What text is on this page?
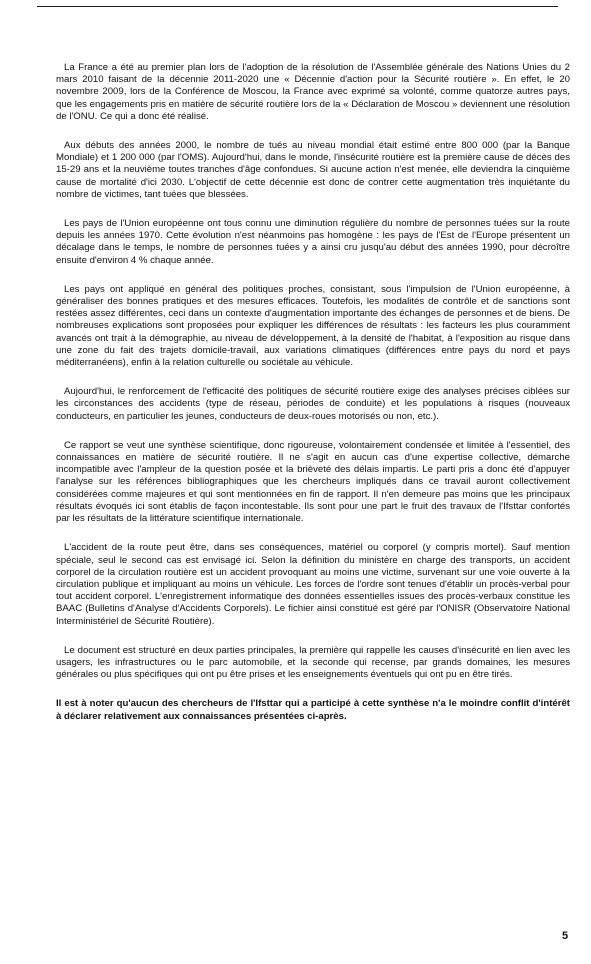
La France a été au premier plan lors de l'adoption de la résolution de l'Assemblée générale des Nations Unies du 2 mars 2010 faisant de la décennie 2011-2020 une « Décennie d'action pour la Sécurité routière ». En effet, le 20 novembre 2009, lors de la Conférence de Moscou, la France avec exprimé sa volonté, comme quatorze autres pays, que les engagements pris en matière de sécurité routière lors de la « Déclaration de Moscou » deviennent une résolution de l'ONU. Ce qui a donc été réalisé.

Aux débuts des années 2000, le nombre de tués au niveau mondial était estimé entre 800 000 (par la Banque Mondiale) et 1 200 000 (par l'OMS). Aujourd'hui, dans le monde, l'insécurité routière est la première cause de décès des 15-29 ans et la neuvième toutes tranches d'âge confondues. Si aucune action n'est menée, elle deviendra la cinquième cause de mortalité d'ici 2030. L'objectif de cette décennie est donc de contrer cette augmentation très inquiétante du nombre de victimes, tant tuées que blessées.

Les pays de l'Union européenne ont tous connu une diminution régulière du nombre de personnes tuées sur la route depuis les années 1970. Cette évolution n'est néanmoins pas homogène : les pays de l'Est de l'Europe présentent un décalage dans le temps, le nombre de personnes tuées y a ainsi cru jusqu'au début des années 1990, pour décroître ensuite d'environ 4 % chaque année.

Les pays ont appliqué en général des politiques proches, consistant, sous l'impulsion de l'Union européenne, à généraliser des bonnes pratiques et des mesures efficaces. Toutefois, les modalités de contrôle et de sanctions sont restées assez différentes, ceci dans un contexte d'augmentation importante des échanges de personnes et de biens. De nombreuses explications sont proposées pour expliquer les différences de résultats : les facteurs les plus couramment avancés ont trait à la démographie, au niveau de développement, à la densité de l'habitat, à l'exposition au risque dans une zone du fait des trajets domicile-travail, aux variations climatiques (différences entre pays du nord et pays méditerranéens), enfin à la relation culturelle ou sociétale au véhicule.

Aujourd'hui, le renforcement de l'efficacité des politiques de sécurité routière exige des analyses précises ciblées sur les circonstances des accidents (type de réseau, périodes de conduite) et les populations à risques (nouveaux conducteurs, en particulier les jeunes, conducteurs de deux-roues motorisés ou non, etc.).

Ce rapport se veut une synthèse scientifique, donc rigoureuse, volontairement condensée et limitée à l'essentiel, des connaissances en matière de sécurité routière. Il ne s'agit en aucun cas d'une expertise collective, démarche incompatible avec l'ampleur de la question posée et la brièveté des délais impartis. Le parti pris a donc été d'appuyer l'analyse sur les références bibliographiques que les chercheurs impliqués dans ce travail auront collectivement considérées comme majeures et qui sont mentionnées en fin de rapport. Il n'en demeure pas moins que les principaux résultats évoqués ici sont établis de façon incontestable. Ils sont pour une part le fruit des travaux de l'Ifsttar confortés par les résultats de la littérature scientifique internationale.

L'accident de la route peut être, dans ses conséquences, matériel ou corporel (y compris mortel). Sauf mention spéciale, seul le second cas est envisagé ici. Selon la définition du ministère en charge des transports, un accident corporel de la circulation routière est un accident provoquant au moins une victime, survenant sur une voie ouverte à la circulation publique et impliquant au moins un véhicule. Les forces de l'ordre sont tenues d'établir un procès-verbal pour tout accident corporel. L'enregistrement informatique des données essentielles issues des procès-verbaux constitue les BAAC (Bulletins d'Analyse d'Accidents Corporels). Le fichier ainsi constitué est géré par l'ONISR (Observatoire National Interministériel de Sécurité Routière).

Le document est structuré en deux parties principales, la première qui rappelle les causes d'insécurité en lien avec les usagers, les infrastructures ou le parc automobile, et la seconde qui recense, par grands domaines, les mesures générales ou plus spécifiques qui ont pu être prises et les enseignements éventuels qui ont pu en être tirés.

Il est à noter qu'aucun des chercheurs de l'Ifsttar qui a participé à cette synthèse n'a le moindre conflit d'intérêt à déclarer relativement aux connaissances présentées ci-après.

5
